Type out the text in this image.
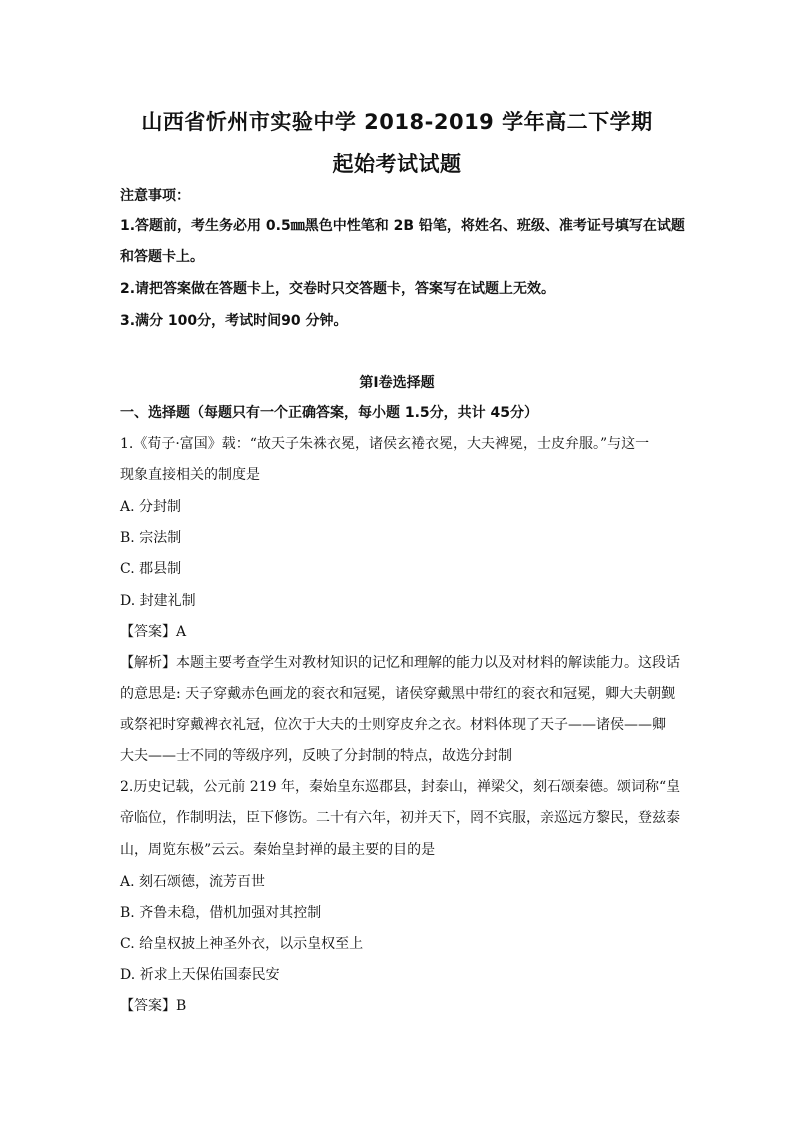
山西省忻州市实验中学 2018-2019 学年高二下学期
起始考试试题
注意事项：
1.答题前，考生务必用 0.5㎜黑色中性笔和 2B 铅笔，将姓名、班级、准考证号填写在试题
和答题卡上。
2.请把答案做在答题卡上，交卷时只交答题卡，答案写在试题上无效。
3.满分 100分，考试时间90 分钟。
第Ⅰ卷选择题
一、选择题（每题只有一个正确答案，每小题 1.5分，共计 45分）
1.《荀子·富国》载：“故天子朱袾衣冕，诸侯玄裷衣冕，大夫裨冕，士皮弁服。”与这一
现象直接相关的制度是
A. 分封制
B. 宗法制
C. 郡县制
D. 封建礼制
【答案】A
【解析】本题主要考查学生对教材知识的记忆和理解的能力以及对材料的解读能力。这段话
的意思是: 天子穿戴赤色画龙的衮衣和冠冕，诸侯穿戴黑中带红的衮衣和冠冕，卿大夫朝觐
或祭祀时穿戴裨衣礼冠，位次于大夫的士则穿皮弁之衣。材料体现了天子——诸侯——卿
大夫——士不同的等级序列，反映了分封制的特点，故选分封制
2.历史记载，公元前 219 年，秦始皇东巡郡县，封泰山，禅梁父，刻石颂秦德。颂词称“皇
帝临位，作制明法，臣下修饬。二十有六年，初并天下，罔不宾服，亲巡远方黎民，登兹泰
山，周览东极”云云。秦始皇封禅的最主要的目的是
A. 刻石颂德，流芳百世
B. 齐鲁未稳，借机加强对其控制
C. 给皇权披上神圣外衣，以示皇权至上
D. 祈求上天保佑国泰民安
【答案】B
